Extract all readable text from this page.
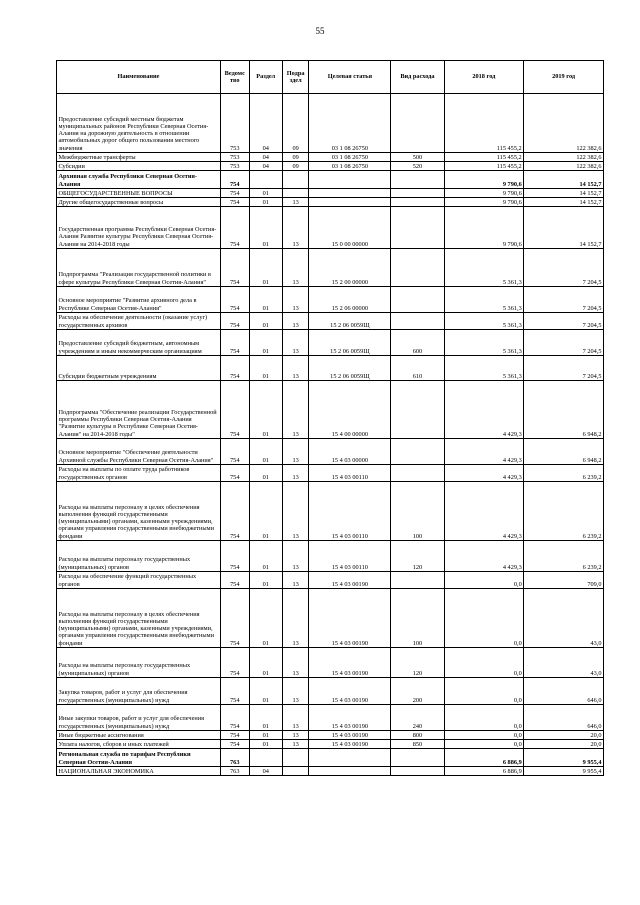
55
Наименование	Ведомс тво	Раздел	Подра здел	Целевая статья	Вид расхода	2018 год	2019 год
Предоставление субсидий местным бюджетам муниципальных районов Республики Северная Осетия-Алания на дорожную деятельность в отношении автомобильных дорог общего пользования местного значения	753	04	09	03 1 08 26750		115 455,2	122 382,6
Межбюджетные трансферты	753	04	09	03 1 08 26750	500	115 455,2	122 382,6
Субсидии	753	04	09	03 1 08 26750	520	115 455,2	122 382,6
Архивная служба Республики Северная Осетия-Алания	754					9 790,6	14 152,7
ОБЩЕГОСУДАРСТВЕННЫЕ ВОПРОСЫ	754	01				9 790,6	14 152,7
Другие общегосударственные вопросы	754	01	13			9 790,6	14 152,7
Государственная программа Республики Северная Осетия-Алания Развитие культуры Республики Северная Осетия-Алания на 2014-2018 годы	754	01	13	15 0 00 00000		9 790,6	14 152,7
Подпрограмма "Реализация государственной политики в сфере культуры Республики Северная Осетия-Алания"	754	01	13	15 2 00 00000		5 361,3	7 204,5
Основное мероприятие "Развитие архивного дела в Республике Северная Осетия-Алания"	754	01	13	15 2 06 00000		5 361,3	7 204,5
Расходы на обеспечение деятельности (оказание услуг) государственных архивов	754	01	13	15 2 06 0059Щ		5 361,3	7 204,5
Предоставление субсидий бюджетным, автономным учреждениям и иным некоммерческим организациям	754	01	13	15 2 06 0059Щ	600	5 361,3	7 204,5
Субсидии бюджетным учреждениям	754	01	13	15 2 06 0059Щ	610	5 361,3	7 204,5
Подпрограмма "Обеспечение реализации Государственной программы Республики Северная Осетия-Алания "Развитие культуры в Республике Северная Осетия-Алания" на 2014-2018 годы"	754	01	13	15 4 00 00000		4 429,3	6 948,2
Основное мероприятие "Обеспечение деятельности Архивной службы Республики Северная Осетия-Алания"	754	01	13	15 4 03 00000		4 429,3	6 948,2
Расходы на выплаты по оплате труда работников государственных органов	754	01	13	15 4 03 00110		4 429,3	6 239,2
Расходы на выплаты персоналу в целях обеспечения выполнения функций государственными (муниципальными) органами, казенными учреждениями, органами управления государственными внебюджетными фондами	754	01	13	15 4 03 00110	100	4 429,3	6 239,2
Расходы на выплаты персоналу государственных (муниципальных) органов	754	01	13	15 4 03 00110	120	4 429,3	6 239,2
Расходы на обеспечение функций государственных органов	754	01	13	15 4 03 00190		0,0	709,0
Расходы на выплаты персоналу в целях обеспечения выполнения функций государственными (муниципальными) органами, казенными учреждениями, органами управления государственными внебюджетными фондами	754	01	13	15 4 03 00190	100	0,0	43,0
Расходы на выплаты персоналу государственных (муниципальных) органов	754	01	13	15 4 03 00190	120	0,0	43,0
Закупка товаров, работ и услуг для обеспечения государственных (муниципальных) нужд	754	01	13	15 4 03 00190	200	0,0	646,0
Иные закупки товаров, работ и услуг для обеспечения государственных (муниципальных) нужд	754	01	13	15 4 03 00190	240	0,0	646,0
Иные бюджетные ассигнования	754	01	13	15 4 03 00190	800	0,0	20,0
Уплата налогов, сборов и иных платежей	754	01	13	15 4 03 00190	850	0,0	20,0
Региональная служба по тарифам Республики Северная Осетия-Алания	763					6 886,9	9 955,4
НАЦИОНАЛЬНАЯ ЭКОНОМИКА	763	04				6 886,9	9 955,4
